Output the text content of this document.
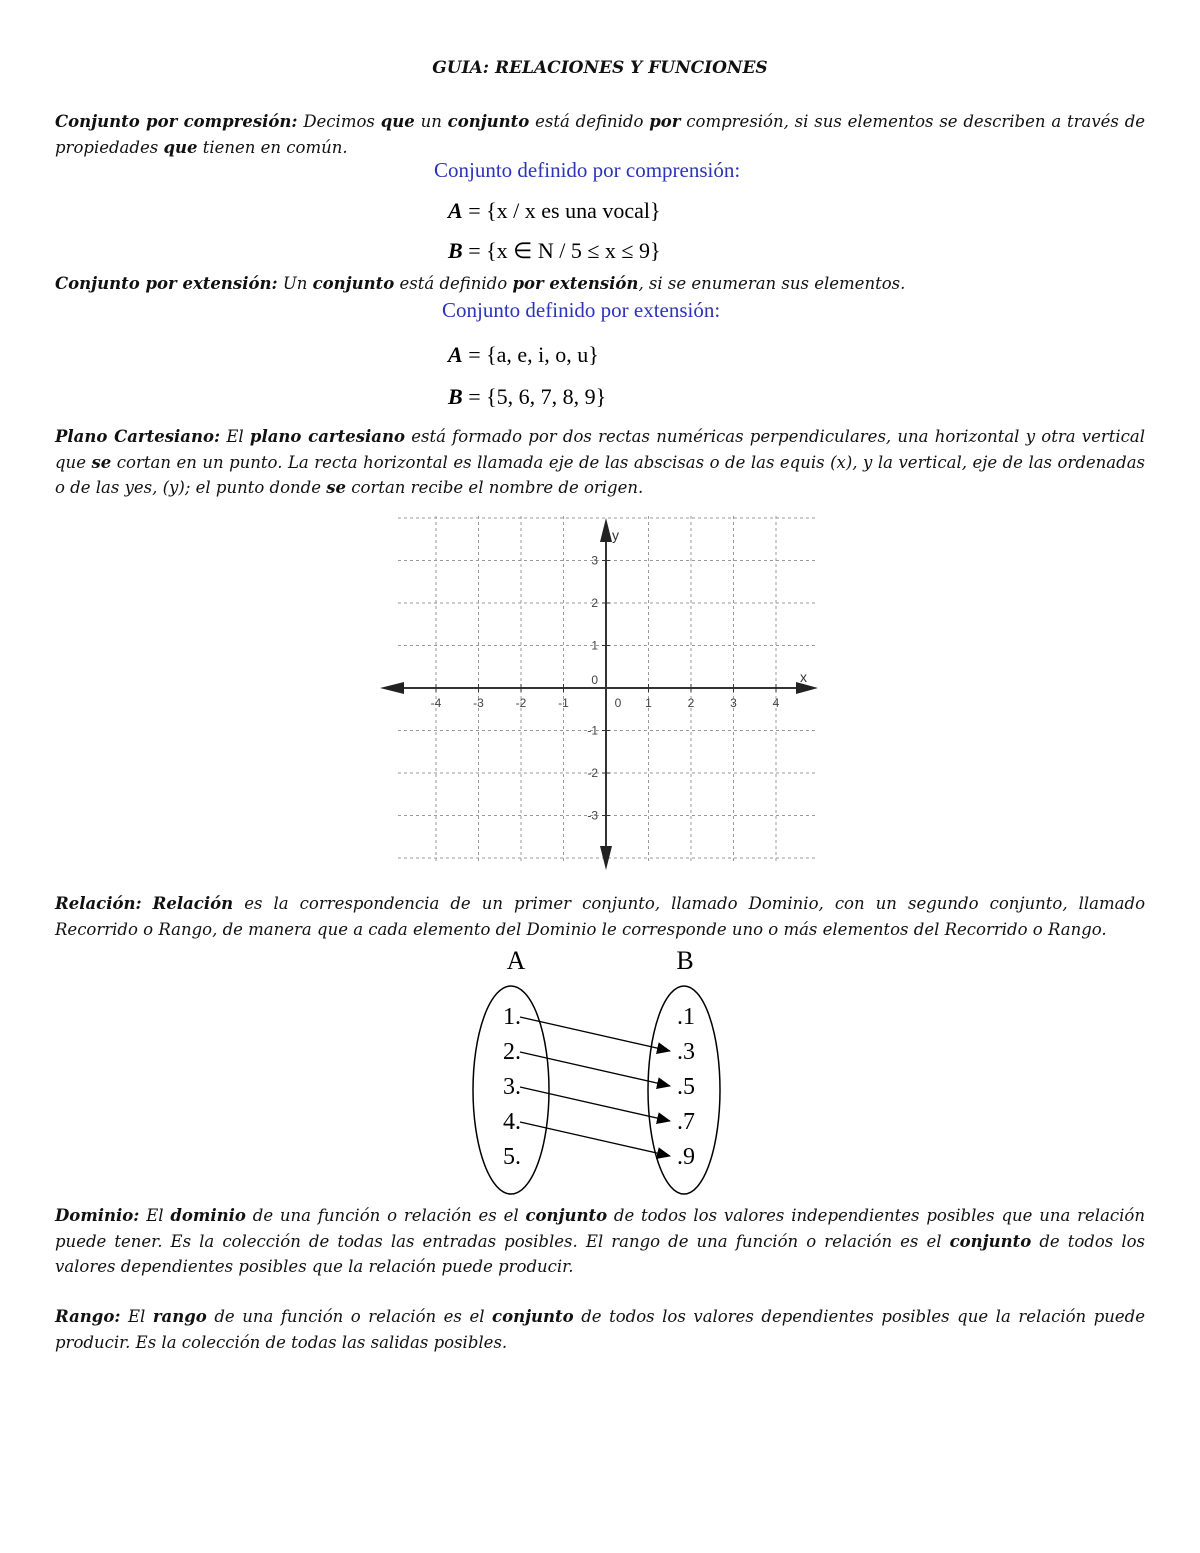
GUIA: RELACIONES Y FUNCIONES
Conjunto por compresión: Decimos que un conjunto está definido por compresión, si sus elementos se describen a través de propiedades que tienen en común.
Conjunto definido por comprensión:
A = {x / x es una vocal}
B = {x ∈ N / 5 ≤ x ≤ 9}
Conjunto por extensión: Un conjunto está definido por extensión, si se enumeran sus elementos.
Conjunto definido por extensión:
A = {a, e, i, o, u}
B = {5, 6, 7, 8, 9}
Plano Cartesiano: El plano cartesiano está formado por dos rectas numéricas perpendiculares, una horizontal y otra vertical que se cortan en un punto. La recta horizontal es llamada eje de las abscisas o de las equis (x), y la vertical, eje de las ordenadas o de las yes, (y); el punto donde se cortan recibe el nombre de origen.
x
y
-4	-3	-2	-1	0 1	2	3	4
3
2
1
0
-1
-2
-3
Relación: Relación es la correspondencia de un primer conjunto, llamado Dominio, con un segundo conjunto, llamado Recorrido o Rango, de manera que a cada elemento del Dominio le corresponde uno o más elementos del Recorrido o Rango.
A	B
1.
2.
3.
4.
5.
.1
.3
.5
.7
.9
Dominio: El dominio de una función o relación es el conjunto de todos los valores independientes posibles que una relación puede tener. Es la colección de todas las entradas posibles. El rango de una función o relación es el conjunto de todos los valores dependientes posibles que la relación puede producir.
Rango: El rango de una función o relación es el conjunto de todos los valores dependientes posibles que la relación puede producir. Es la colección de todas las salidas posibles.
